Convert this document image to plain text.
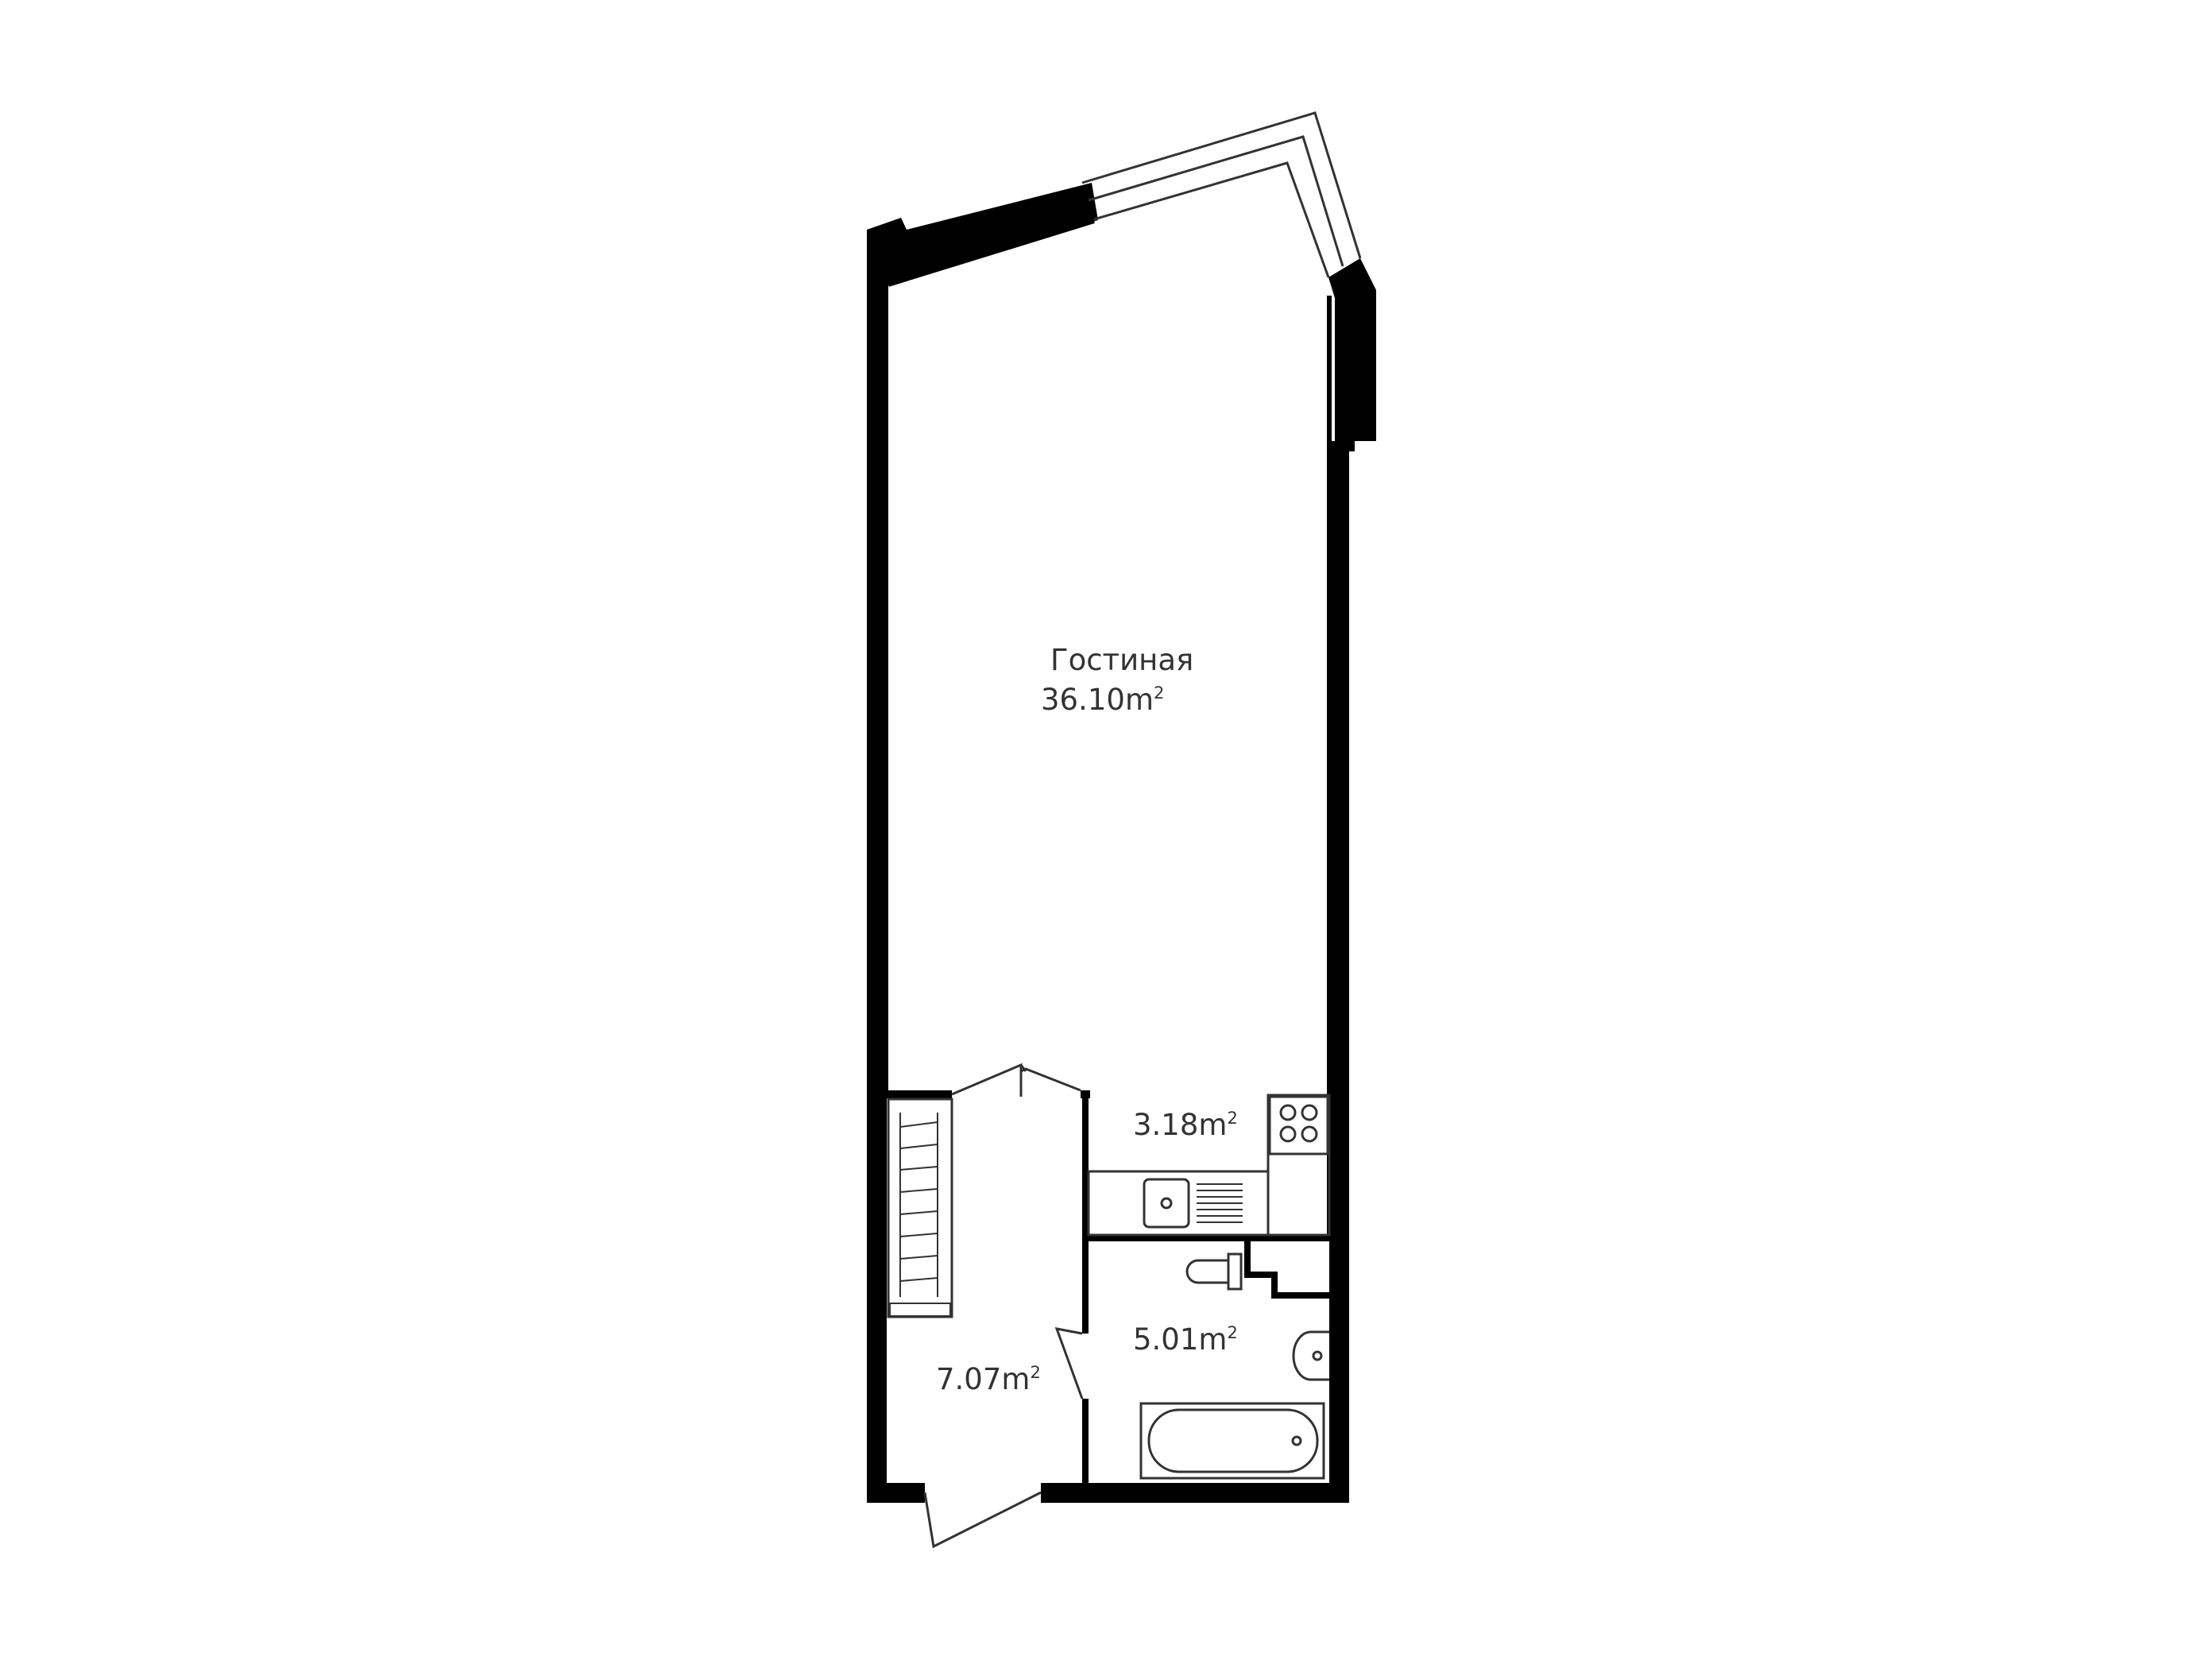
Гостиная
$36.10m^2$
$3.18m^2$
$5.01m^2$
$7.07m^2$
